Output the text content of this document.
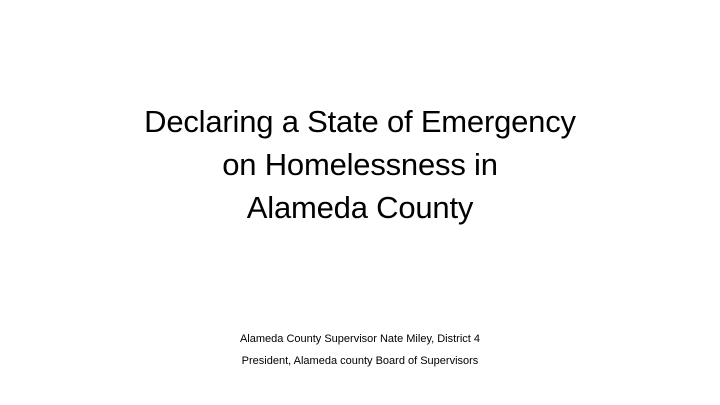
Declaring a State of Emergency
on Homelessness in
Alameda County
Alameda County Supervisor Nate Miley, District 4
President, Alameda county Board of Supervisors
